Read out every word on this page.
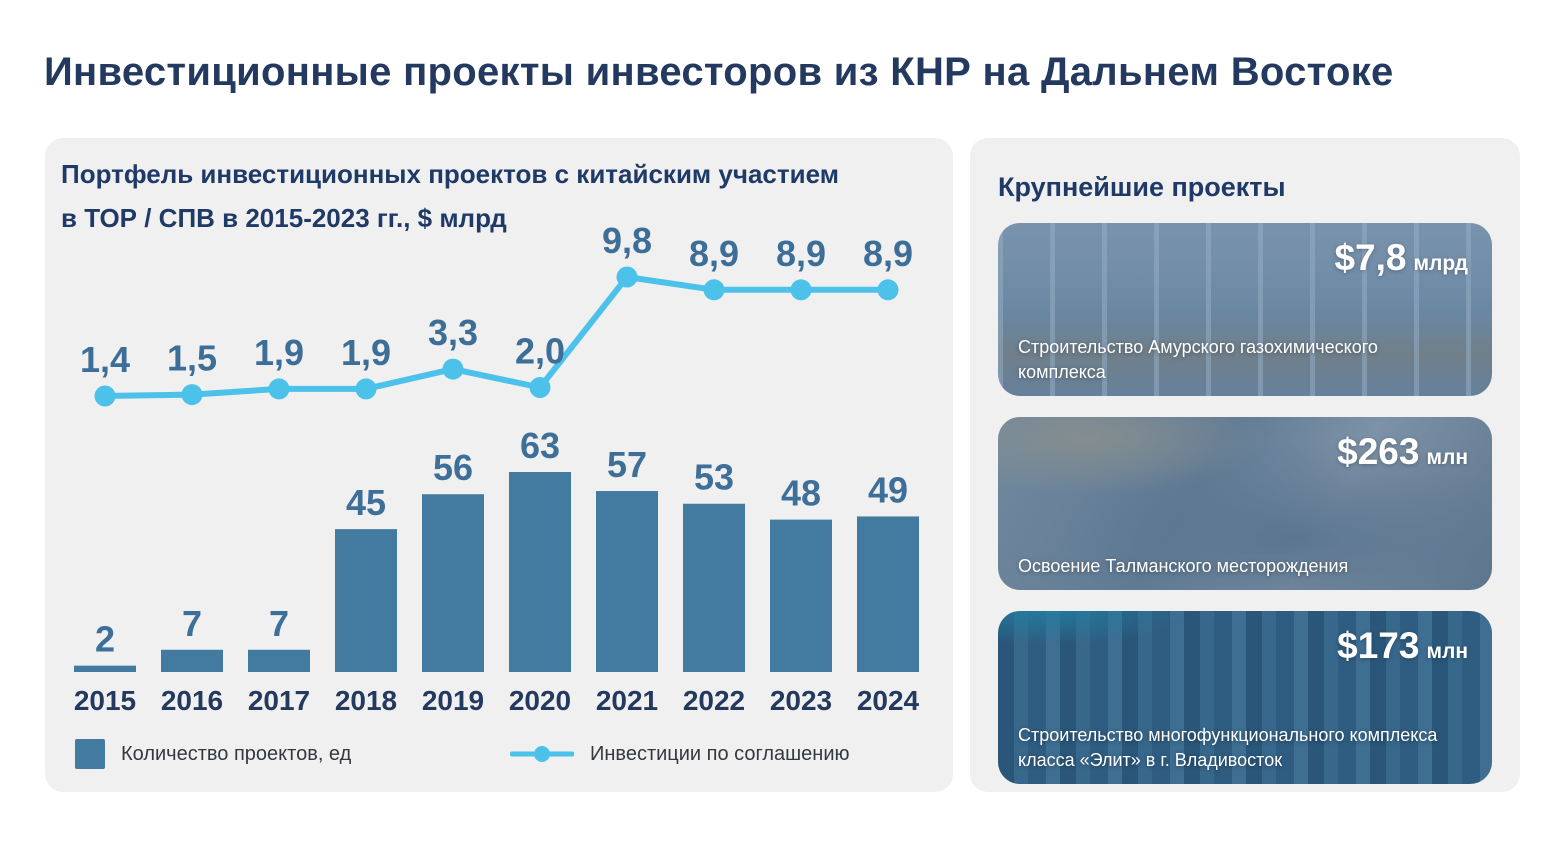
Инвестиционные проекты инвесторов из КНР на Дальнем Востоке
Портфель инвестиционных проектов с китайским участием
в ТОР / СПВ в 2015-2023 гг., $ млрд
2 7 7
45
56
63 57 53 48 49
2015 2016 2017 2018 2019 2020 2021 2022 2023 2024
1,4 1,5 1,9 1,9 3,3 2,0
9,8 8,9 8,9 8,9
Количество проектов, ед	Инвестиции по соглашению
Крупнейшие проекты
$7,8 млрд

Строительство Амурского газохимического комплекса

$263 млн

Освоение Талманского месторождения

$173 млн

Строительство многофункционального комплекса класса «Элит» в г. Владивосток
